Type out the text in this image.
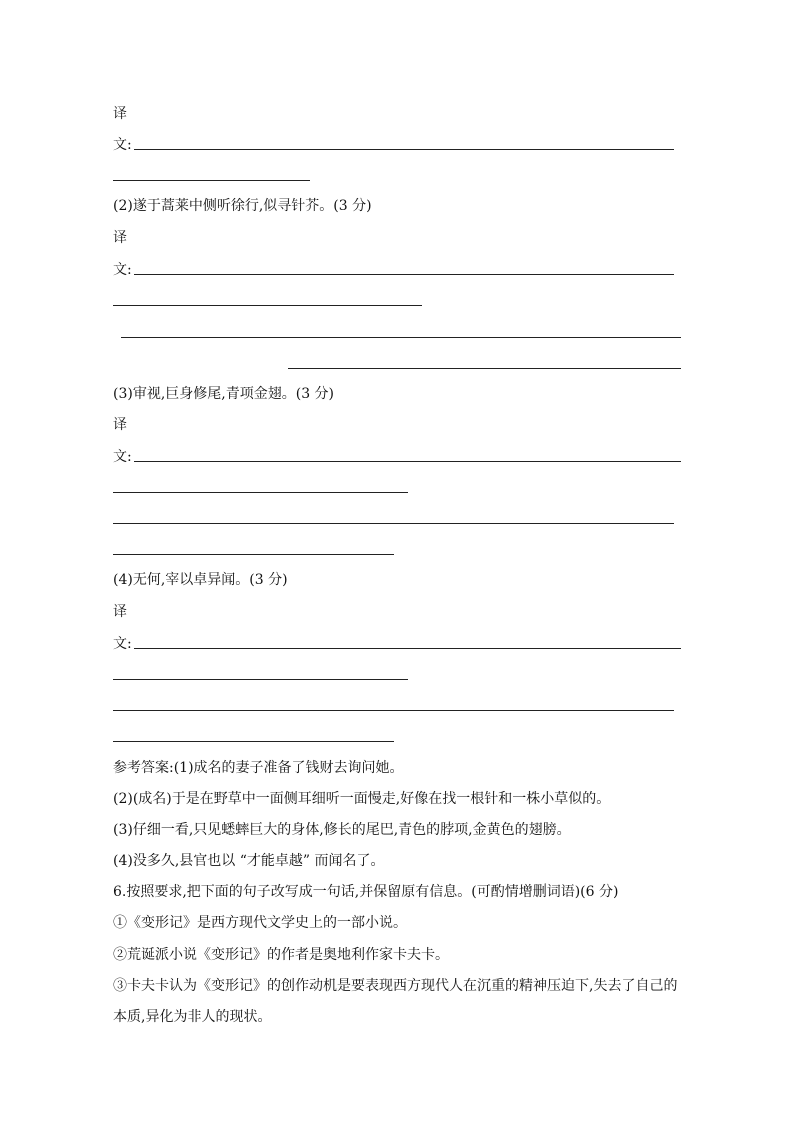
译
文:
(2)遂于蒿莱中侧听徐行,似寻针芥。(3 分)
译
文:
(3)审视,巨身修尾,青项金翅。(3 分)
译
文:
(4)无何,宰以卓异闻。(3 分)
译
文:
参考答案:(1)成名的妻子准备了钱财去询问她。
(2)(成名)于是在野草中一面侧耳细听一面慢走,好像在找一根针和一株小草似的。
(3)仔细一看,只见蟋蟀巨大的身体,修长的尾巴,青色的脖项,金黄色的翅膀。
(4)没多久,县官也以 “才能卓越” 而闻名了。
6.按照要求,把下面的句子改写成一句话,并保留原有信息。(可酌情增删词语)(6 分)
①《变形记》是西方现代文学史上的一部小说。
②荒诞派小说《变形记》的作者是奥地利作家卡夫卡。
③卡夫卡认为《变形记》的创作动机是要表现西方现代人在沉重的精神压迫下,失去了自己的
本质,异化为非人的现状。
